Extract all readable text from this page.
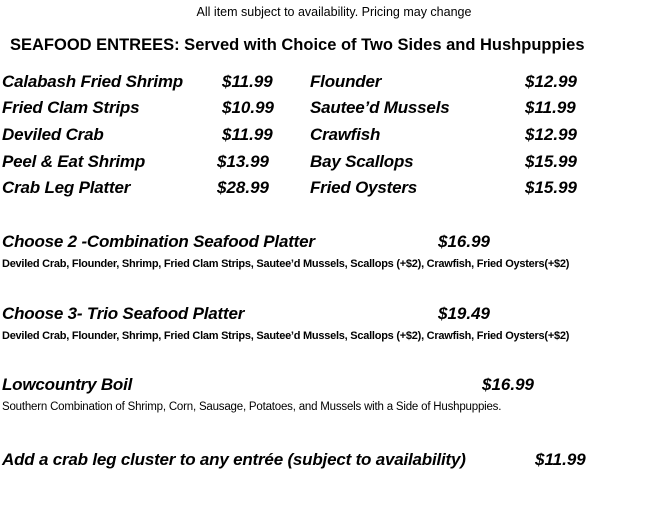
All item subject to availability. Pricing may change
SEAFOOD ENTREES: Served with Choice of Two Sides and Hushpuppies
Calabash Fried Shrimp $11.99
Fried Clam Strips	$10.99
Deviled Crab	$11.99
Peel & Eat Shrimp	$13.99
Crab Leg Platter	$28.99
Flounder	$12.99
Sautee’d Mussels	$11.99
Crawfish	$12.99
Bay Scallops	$15.99
Fried Oysters	$15.99
Choose 2 -Combination Seafood Platter	$16.99
Deviled Crab, Flounder, Shrimp, Fried Clam Strips, Sautee’d Mussels, Scallops (+$2), Crawfish, Fried Oysters(+$2)
Choose 3- Trio Seafood Platter	$19.49
Deviled Crab, Flounder, Shrimp, Fried Clam Strips, Sautee’d Mussels, Scallops (+$2), Crawfish, Fried Oysters(+$2)
Lowcountry Boil	$16.99
Southern Combination of Shrimp, Corn, Sausage, Potatoes, and Mussels with a Side of Hushpuppies.
Add a crab leg cluster to any entrée (subject to availability)	$11.99
